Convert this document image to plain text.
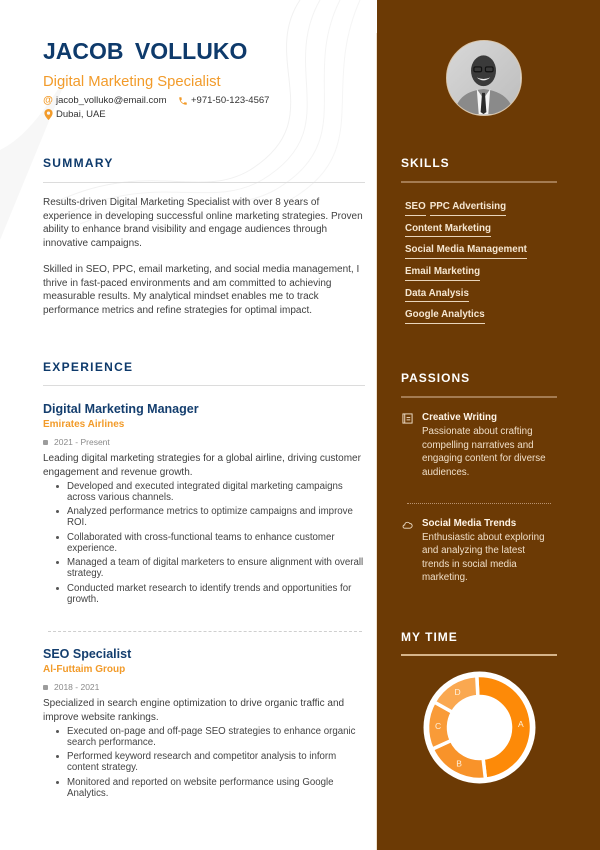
JACOB VOLLUKO
Digital Marketing Specialist
@ jacob_volluko@email.com	+971-50-123-4567
Dubai, UAE
SUMMARY
Results-driven Digital Marketing Specialist with over 8 years of experience in developing successful online marketing strategies. Proven ability to enhance brand visibility and engage audiences through innovative campaigns.
Skilled in SEO, PPC, email marketing, and social media management, I thrive in fast-paced environments and am committed to achieving measurable results. My analytical mindset enables me to track performance metrics and refine strategies for optimal impact.
EXPERIENCE
Digital Marketing Manager
Emirates Airlines
2021 - Present
Leading digital marketing strategies for a global airline, driving customer engagement and revenue growth.
Developed and executed integrated digital marketing campaigns across various channels.
Analyzed performance metrics to optimize campaigns and improve ROI.
Collaborated with cross-functional teams to enhance customer experience.
Managed a team of digital marketers to ensure alignment with overall strategy.
Conducted market research to identify trends and opportunities for growth.
SEO Specialist
Al-Futtaim Group
2018 - 2021
Specialized in search engine optimization to drive organic traffic and improve website rankings.
Executed on-page and off-page SEO strategies to enhance organic search performance.
Performed keyword research and competitor analysis to inform content strategy.
Monitored and reported on website performance using Google Analytics.
SKILLS
SEO PPC Advertising
Content Marketing
Social Media Management
Email Marketing
Data Analysis
Google Analytics
PASSIONS
Creative Writing
Passionate about crafting compelling narratives and engaging content for diverse audiences.
Social Media Trends
Enthusiastic about exploring and analyzing the latest trends in social media marketing.
MY TIME
A
B
C
D
